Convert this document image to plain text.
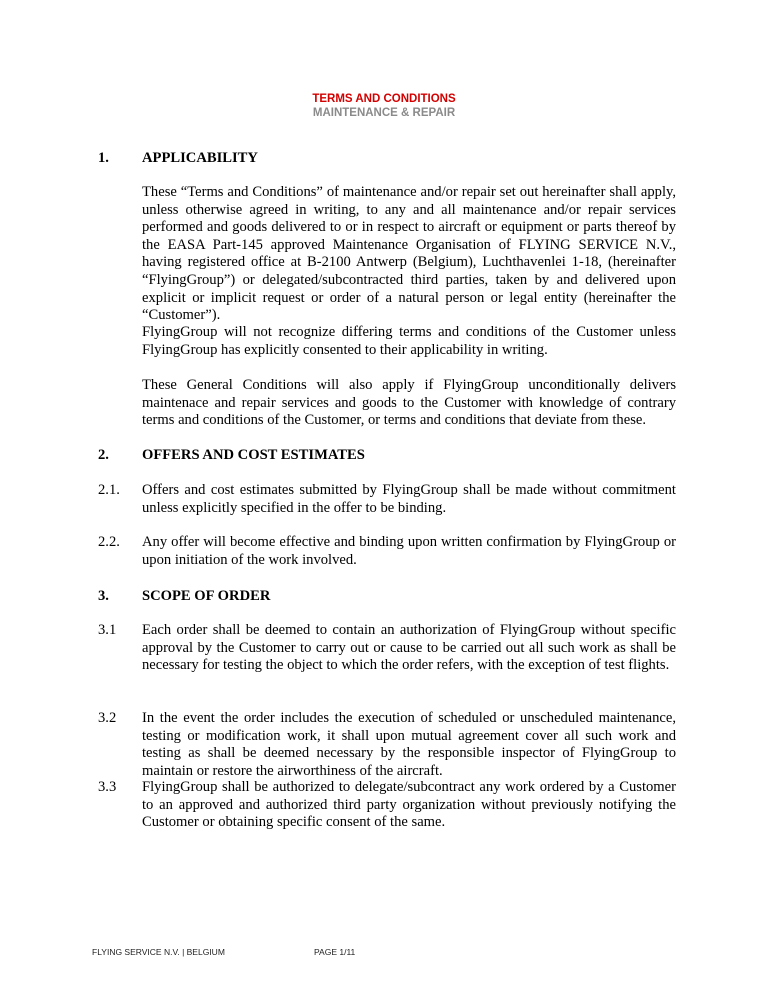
TERMS AND CONDITIONS
MAINTENANCE & REPAIR
1. APPLICABILITY

These “Terms and Conditions” of maintenance and/or repair set out hereinafter shall apply, unless otherwise agreed in writing, to any and all maintenance and/or repair services performed and goods delivered to or in respect to aircraft or equipment or parts thereof by the EASA Part-145 approved Maintenance Organisation of FLYING SERVICE N.V., having registered office at B-2100 Antwerp (Belgium), Luchthavenlei 1-18, (hereinafter “FlyingGroup”) or delegated/subcontracted third parties, taken by and delivered upon explicit or implicit request or order of a natural person or legal entity (hereinafter the “Customer”).

FlyingGroup will not recognize differing terms and conditions of the Customer unless FlyingGroup has explicitly consented to their applicability in writing.

These General Conditions will also apply if FlyingGroup unconditionally delivers maintenace and repair services and goods to the Customer with knowledge of contrary terms and conditions of the Customer, or terms and conditions that deviate from these.

2. OFFERS AND COST ESTIMATES
2.1. Offers and cost estimates submitted by FlyingGroup shall be made without commitment unless explicitly specified in the offer to be binding.

2.2. Any offer will become effective and binding upon written confirmation by FlyingGroup or upon initiation of the work involved.

3. SCOPE OF ORDER
3.1 Each order shall be deemed to contain an authorization of FlyingGroup without specific approval by the Customer to carry out or cause to be carried out all such work as shall be necessary for testing the object to which the order refers, with the exception of test flights.

3.2 In the event the order includes the execution of scheduled or unscheduled maintenance, testing or modification work, it shall upon mutual agreement cover all such work and testing as shall be deemed necessary by the responsible inspector of FlyingGroup to maintain or restore the airworthiness of the aircraft.

3.3 FlyingGroup shall be authorized to delegate/subcontract any work ordered by a Customer to an approved and authorized third party organization without previously notifying the Customer or obtaining specific consent of the same.

FLYING SERVICE N.V. | BELGIUM	PAGE 1/11
